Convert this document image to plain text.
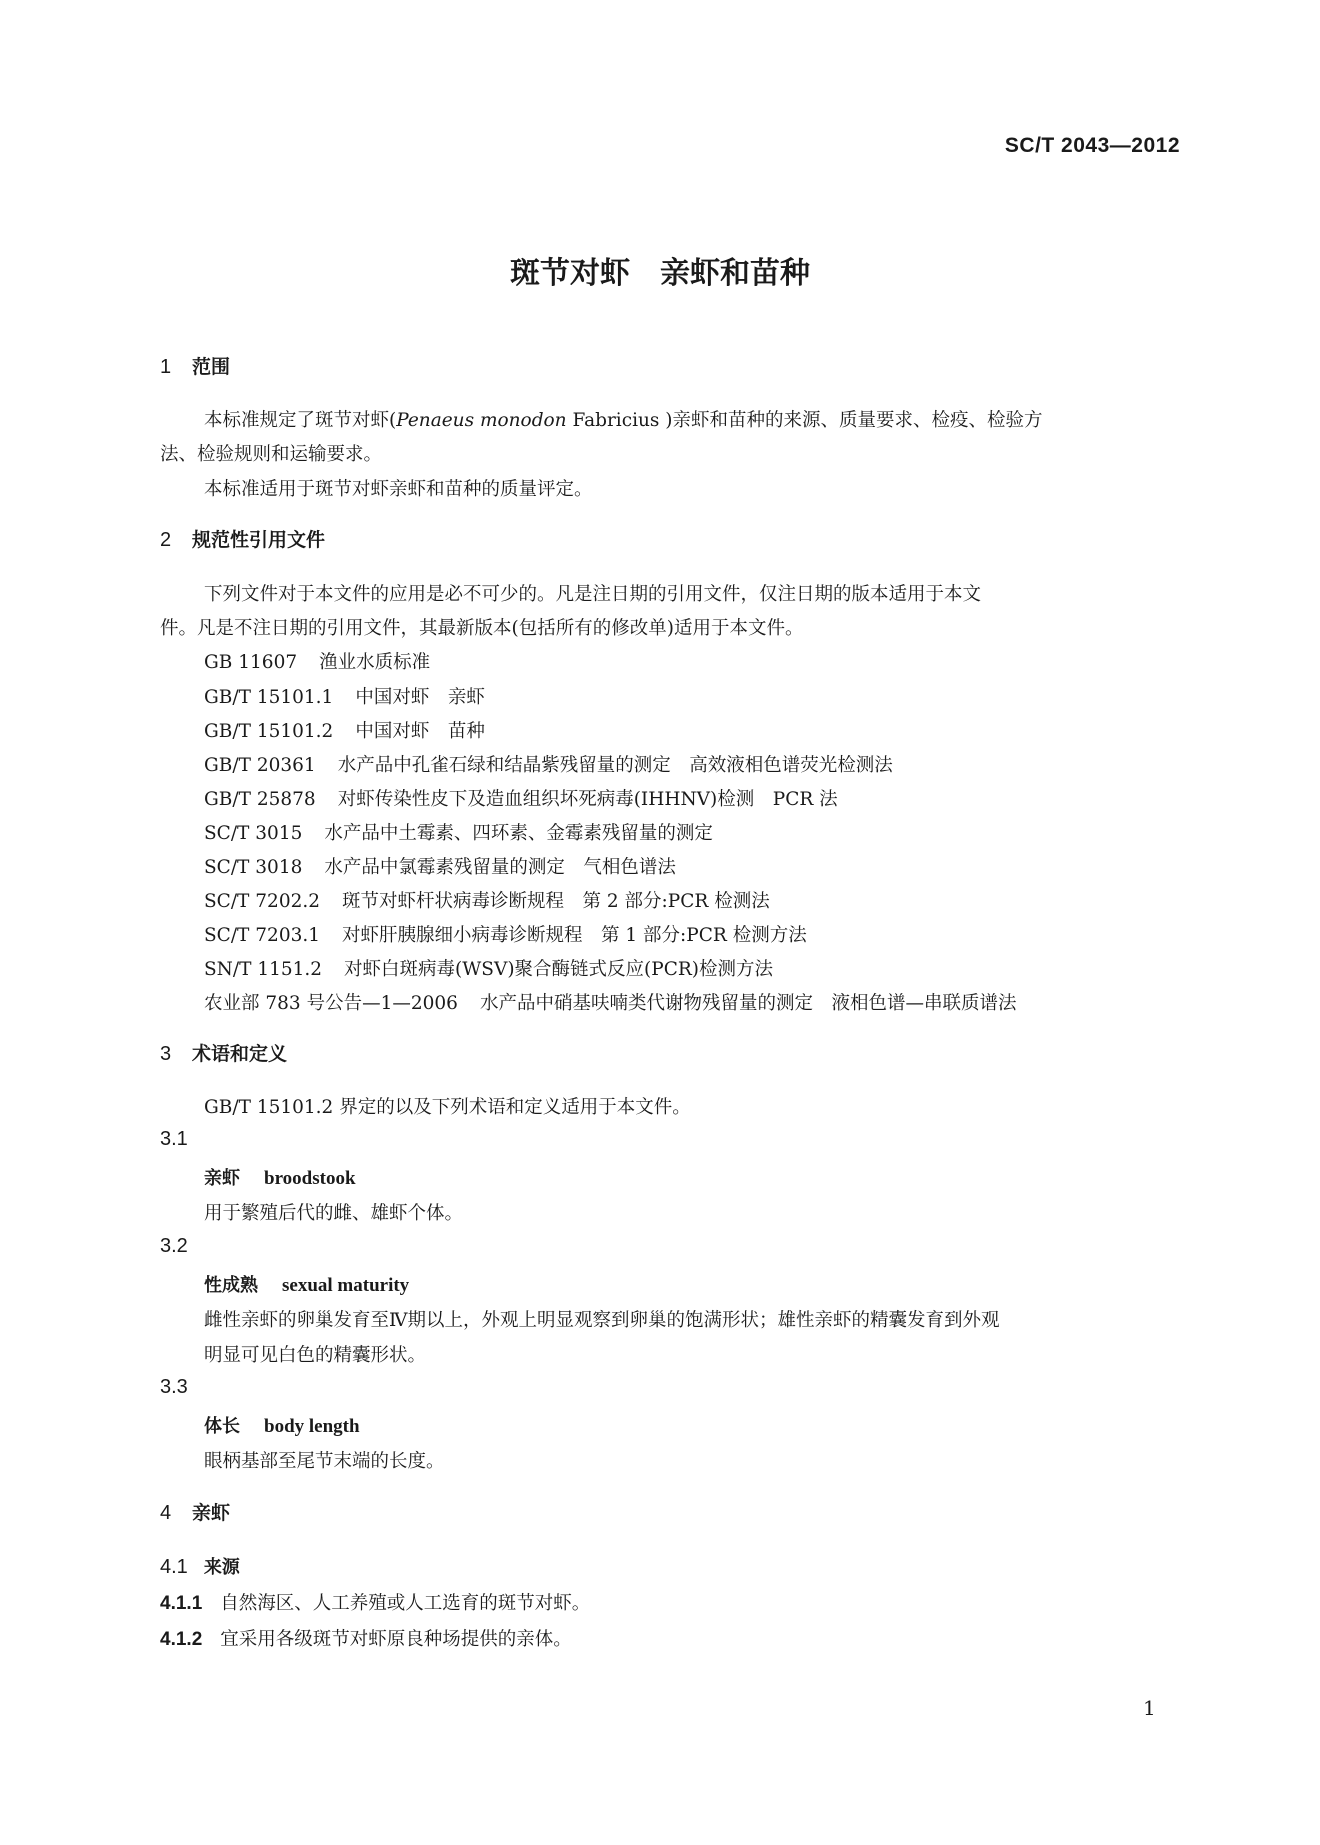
SC/T 2043—2012
斑节对虾　亲虾和苗种
1 范围
本标准规定了斑节对虾(Penaeus monodon Fabricius )亲虾和苗种的来源、质量要求、检疫、检验方
法、检验规则和运输要求。
本标准适用于斑节对虾亲虾和苗种的质量评定。
2 规范性引用文件
下列文件对于本文件的应用是必不可少的。凡是注日期的引用文件，仅注日期的版本适用于本文
件。凡是不注日期的引用文件，其最新版本(包括所有的修改单)适用于本文件。
GB 11607 渔业水质标准
GB/T 15101.1 中国对虾　亲虾
GB/T 15101.2 中国对虾　苗种
GB/T 20361 水产品中孔雀石绿和结晶紫残留量的测定　高效液相色谱荧光检测法
GB/T 25878 对虾传染性皮下及造血组织坏死病毒(IHHNV)检测　PCR 法
SC/T 3015 水产品中土霉素、四环素、金霉素残留量的测定
SC/T 3018 水产品中氯霉素残留量的测定　气相色谱法
SC/T 7202.2 斑节对虾杆状病毒诊断规程　第 2 部分:PCR 检测法
SC/T 7203.1 对虾肝胰腺细小病毒诊断规程　第 1 部分:PCR 检测方法
SN/T 1151.2 对虾白斑病毒(WSV)聚合酶链式反应(PCR)检测方法
农业部 783 号公告—1—2006 水产品中硝基呋喃类代谢物残留量的测定　液相色谱—串联质谱法
3 术语和定义
GB/T 15101.2 界定的以及下列术语和定义适用于本文件。
3.1
亲虾 broodstook
用于繁殖后代的雌、雄虾个体。
3.2
性成熟 sexual maturity
雌性亲虾的卵巢发育至Ⅳ期以上，外观上明显观察到卵巢的饱满形状；雄性亲虾的精囊发育到外观
明显可见白色的精囊形状。
3.3
体长 body length
眼柄基部至尾节末端的长度。
4 亲虾
4.1 来源
4.1.1 自然海区、人工养殖或人工选育的斑节对虾。
4.1.2 宜采用各级斑节对虾原良种场提供的亲体。
1
